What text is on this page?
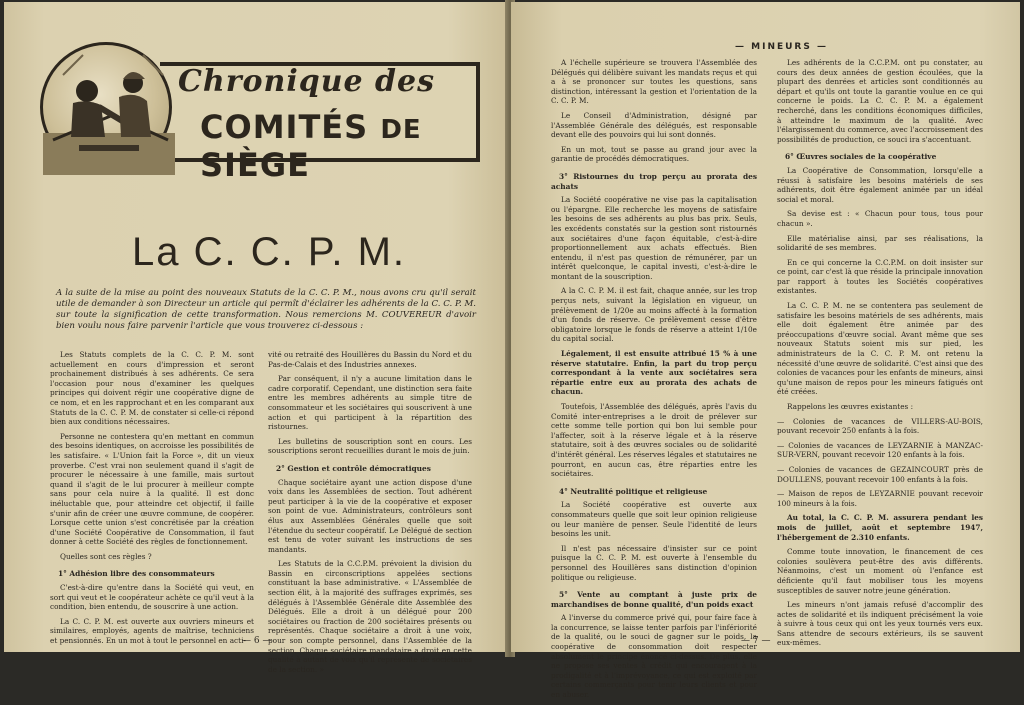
Chronique des
COMITÉS DE SIÈGE
La C. C. P. M.
A la suite de la mise au point des nouveaux Statuts de la C. C. P. M., nous avons cru qu'il serait utile de demander à son Directeur un article qui permît d'éclairer les adhérents de la C. C. P. M. sur toute la signification de cette transformation. Nous remercions M. COUVEREUR d'avoir bien voulu nous faire parvenir l'article que vous trouverez ci-dessous :

Les Statuts complets de la C. C. P. M. sont actuellement en cours d'impression et seront prochainement distribués à ses adhérents. Ce sera l'occasion pour nous d'examiner les quelques principes qui doivent régir une coopérative digne de ce nom, et en les rapprochant et en les comparant aux Statuts de la C. C. P. M. de constater si celle-ci répond bien aux conditions nécessaires.

Personne ne contestera qu'en mettant en commun des besoins identiques, on accroisse les possibilités de les satisfaire. « L'Union fait la Force », dit un vieux proverbe. C'est vrai non seulement quand il s'agit de procurer le nécessaire à une famille, mais surtout quand il s'agit de le lui procurer à meilleur compte sans pour cela nuire à la qualité. Il est donc inéluctable que, pour atteindre cet objectif, il faille s'unir afin de créer une œuvre commune, de coopérer. Lorsque cette union s'est concrétisée par la création d'une Société Coopérative de Consommation, il faut donner à cette Société des règles de fonctionnement.

Quelles sont ces règles ?

1° Adhésion libre des consommateurs

C'est-à-dire qu'entre dans la Société qui veut, en sort qui veut et le coopérateur achète ce qu'il veut à la condition, bien entendu, de souscrire à une action.

La C. C. P. M. est ouverte aux ouvriers mineurs et similaires, employés, agents de maîtrise, techniciens et pensionnés. En un mot à tout le personnel en acti-

vité ou retraité des Houillères du Bassin du Nord et du Pas-de-Calais et des Industries annexes.

Par conséquent, il n'y a aucune limitation dans le cadre corporatif. Cependant, une distinction sera faite entre les membres adhérents au simple titre de consommateur et les sociétaires qui souscrivent à une action et qui participent à la répartition des ristournes.

Les bulletins de souscription sont en cours. Les souscriptions seront recueillies durant le mois de juin.

2° Gestion et contrôle démocratiques

Chaque sociétaire ayant une action dispose d'une voix dans les Assemblées de section. Tout adhérent peut participer à la vie de la coopérative et exposer son point de vue. Administrateurs, contrôleurs sont élus aux Assemblées Générales quelle que soit l'étendue du secteur coopératif. Le Délégué de section est tenu de voter suivant les instructions de ses mandants.

Les Statuts de la C.C.P.M. prévoient la division du Bassin en circonscriptions appelées sections constituant la base administrative. « L'Assemblée de section élit, à la majorité des suffrages exprimés, ses délégués à l'Assemblée Générale dite Assemblée des Délégués. Elle a droit à un délégué pour 200 sociétaires ou fraction de 200 sociétaires présents ou représentés. Chaque sociétaire a droit à une voix, pour son compte personnel, dans l'Assemblée de la section. Chaque sociétaire mandataire a droit en cette qualité à autant de voix qu'il représente de sociétaires de la section. »

— 6 —
— MINEURS —

A l'échelle supérieure se trouvera l'Assemblée des Délégués qui délibère suivant les mandats reçus et qui a à se prononcer sur toutes les questions, sans distinction, intéressant la gestion et l'orientation de la C. C. P. M.

Le Conseil d'Administration, désigné par l'Assemblée Générale des délégués, est responsable devant elle des pouvoirs qui lui sont donnés.

En un mot, tout se passe au grand jour avec la garantie de procédés démocratiques.

3° Ristournes du trop perçu au prorata des achats

La Société coopérative ne vise pas la capitalisation ou l'épargne. Elle recherche les moyens de satisfaire les besoins de ses adhérents au plus bas prix. Seuls, les excédents constatés sur la gestion sont ristournés aux sociétaires d'une façon équitable, c'est-à-dire proportionnellement aux achats effectués. Bien entendu, il n'est pas question de rémunérer, par un intérêt quelconque, le capital investi, c'est-à-dire le montant de la souscription.

A la C. C. P. M. il est fait, chaque année, sur les trop perçus nets, suivant la législation en vigueur, un prélèvement de 1/20e au moins affecté à la formation d'un fonds de réserve. Ce prélèvement cesse d'être obligatoire lorsque le fonds de réserve a atteint 1/10e du capital social.

Légalement, il est ensuite attribué 15 % à une réserve statutaire. Enfin, la part du trop perçu correspondant à la vente aux sociétaires sera répartie entre eux au prorata des achats de chacun.

Toutefois, l'Assemblée des délégués, après l'avis du Comité inter-entreprises a le droit de prélever sur cette somme telle portion qui bon lui semble pour l'affecter, soit à la réserve légale et à la réserve statutaire, soit à des œuvres sociales ou de solidarité d'intérêt général. Les réserves légales et statutaires ne pourront, en aucun cas, être réparties entre les sociétaires.

4° Neutralité politique et religieuse

La Société coopérative est ouverte aux consommateurs quelle que soit leur opinion religieuse ou leur manière de penser. Seule l'identité de leurs besoins les unit.

Il n'est pas nécessaire d'insister sur ce point puisque la C. C. P. M. est ouverte à l'ensemble du personnel des Houillères sans distinction d'opinion politique ou religieuse.

5° Vente au comptant à juste prix de marchandises de bonne qualité, d'un poids exact

A l'inverse du commerce privé qui, pour faire face à la concurrence, se laisse tenter parfois par l'infériorité de la qualité, ou le souci de gagner sur le poids, la coopérative de consommation doit respecter absolument le principe énoncé ci-dessus. De plus, elle ne propose ses ventes à crédit qui encouragent à la prodigalité et à l'imprévoyance, ce qui est exploité par certains commerçants pour tenir leurs clients et pour en abuser.

Les adhérents de la C.C.P.M. ont pu constater, au cours des deux années de gestion écoulées, que la plupart des denrées et articles sont conditionnés au départ et qu'ils ont toute la garantie voulue en ce qui concerne le poids. La C. C. P. M. a également recherché, dans les conditions économiques difficiles, à atteindre le maximum de la qualité. Avec l'élargissement du commerce, avec l'accroissement des possibilités de production, ce souci ira s'accentuant.

6° Œuvres sociales de la coopérative

La Coopérative de Consommation, lorsqu'elle a réussi à satisfaire les besoins matériels de ses adhérents, doit être également animée par un idéal social et moral.

Sa devise est : « Chacun pour tous, tous pour chacun ».

Elle matérialise ainsi, par ses réalisations, la solidarité de ses membres.

En ce qui concerne la C.C.P.M. on doit insister sur ce point, car c'est là que réside la principale innovation par rapport à toutes les Sociétés coopératives existantes.

La C. C. P. M. ne se contentera pas seulement de satisfaire les besoins matériels de ses adhérents, mais elle doit également être animée par des préoccupations d'œuvre social. Avant même que ses nouveaux Statuts soient mis sur pied, les administrateurs de la C. C. P. M. ont retenu la nécessité d'une œuvre de solidarité. C'est ainsi que des colonies de vacances pour les enfants de mineurs, ainsi qu'une maison de repos pour les mineurs fatigués ont été créées.

Rappelons les œuvres existantes :

— Colonies de vacances de VILLERS-AU-BOIS, pouvant recevoir 250 enfants à la fois.

— Colonies de vacances de LEYZARNIE à MANZAC-SUR-VERN, pouvant recevoir 120 enfants à la fois.

— Colonies de vacances de GEZAINCOURT près de DOULLENS, pouvant recevoir 100 enfants à la fois.

— Maison de repos de LEYZARNIE pouvant recevoir 100 mineurs à la fois.

Au total, la C. C. P. M. assurera pendant les mois de juillet, août et septembre 1947, l'hébergement de 2.310 enfants.

Comme toute innovation, le financement de ces colonies soulèvera peut-être des avis différents. Néanmoins, c'est un moment où l'enfance est déficiente qu'il faut mobiliser tous les moyens susceptibles de sauver notre jeune génération.

Les mineurs n'ont jamais refusé d'accomplir des actes de solidarité et ils indiquent précisément la voie à suivre à tous ceux qui ont les yeux tournés vers eux. Sans attendre de secours extérieurs, ils se sauvent eux-mêmes.

— 7 —
